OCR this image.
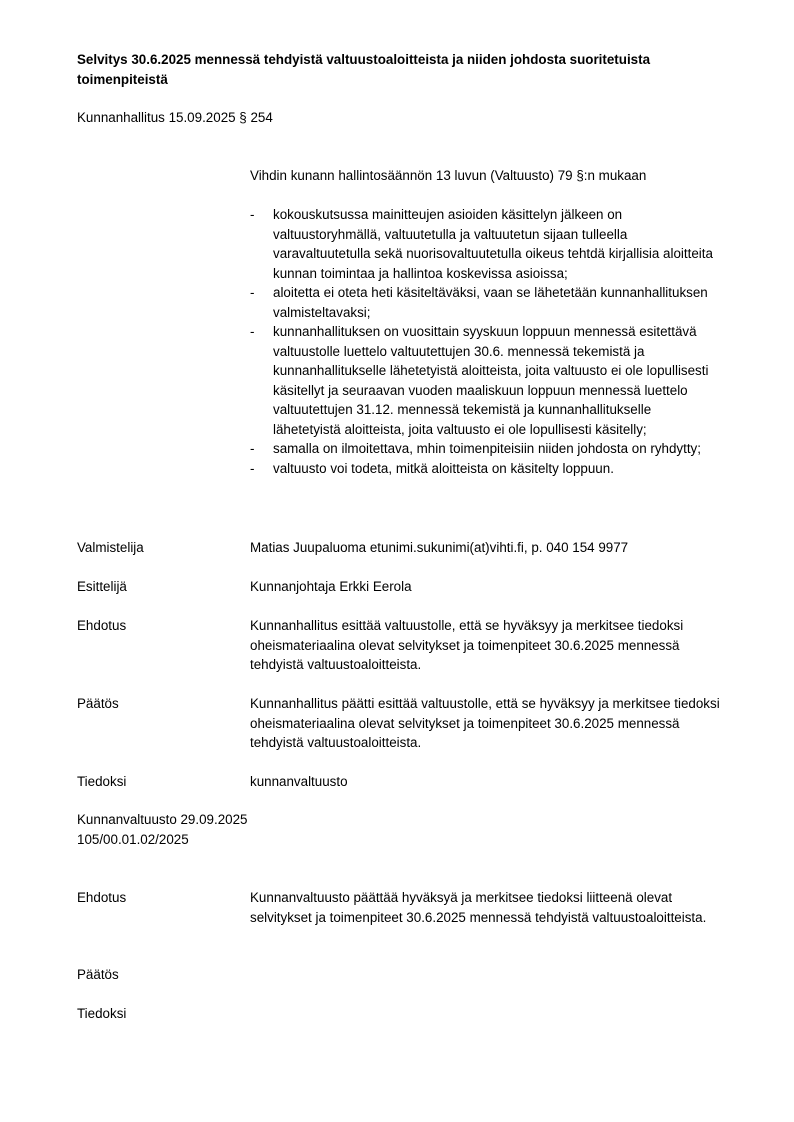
Selvitys 30.6.2025 mennessä tehdyistä valtuustoaloitteista ja niiden johdosta suoritetuista toimenpiteistä
Kunnanhallitus 15.09.2025 § 254
Vihdin kunann hallintosäännön 13 luvun (Valtuusto) 79 §:n mukaan
- kokouskutsussa mainitteujen asioiden käsittelyn jälkeen on valtuustoryhmällä, valtuutetulla ja valtuutetun sijaan tulleella varavaltuutetulla sekä nuorisovaltuutetulla oikeus tehtdä kirjallisia aloitteita kunnan toimintaa ja hallintoa koskevissa asioissa;
- aloitetta ei oteta heti käsiteltäväksi, vaan se lähetetään kunnanhallituksen valmisteltavaksi;
- kunnanhallituksen on vuosittain syyskuun loppuun mennessä esitettävä valtuustolle luettelo valtuutettujen 30.6. mennessä tekemistä ja kunnanhallitukselle lähetetyistä aloitteista, joita valtuusto ei ole lopullisesti käsitellyt ja seuraavan vuoden maaliskuun loppuun mennessä luettelo valtuutettujen 31.12. mennessä tekemistä ja kunnanhallitukselle lähetetyistä aloitteista, joita valtuusto ei ole lopullisesti käsitelly;
- samalla on ilmoitettava, mhin toimenpiteisiin niiden johdosta on ryhdytty;
- valtuusto voi todeta, mitkä aloitteista on käsitelty loppuun.
Valmistelija	Matias Juupaluoma etunimi.sukunimi(at)vihti.fi, p. 040 154 9977
Esittelijä	Kunnanjohtaja Erkki Eerola
Ehdotus	Kunnanhallitus esittää valtuustolle, että se hyväksyy ja merkitsee tiedoksi oheismateriaalina olevat selvitykset ja toimenpiteet 30.6.2025 mennessä tehdyistä valtuustoaloitteista.
Päätös	Kunnanhallitus päätti esittää valtuustolle, että se hyväksyy ja merkitsee tiedoksi oheismateriaalina olevat selvitykset ja toimenpiteet 30.6.2025 mennessä tehdyistä valtuustoaloitteista.
Tiedoksi	kunnanvaltuusto
Kunnanvaltuusto 29.09.2025
105/00.01.02/2025
Ehdotus	Kunnanvaltuusto päättää hyväksyä ja merkitsee tiedoksi liitteenä olevat selvitykset ja toimenpiteet 30.6.2025 mennessä tehdyistä valtuustoaloitteista.
Päätös
Tiedoksi
